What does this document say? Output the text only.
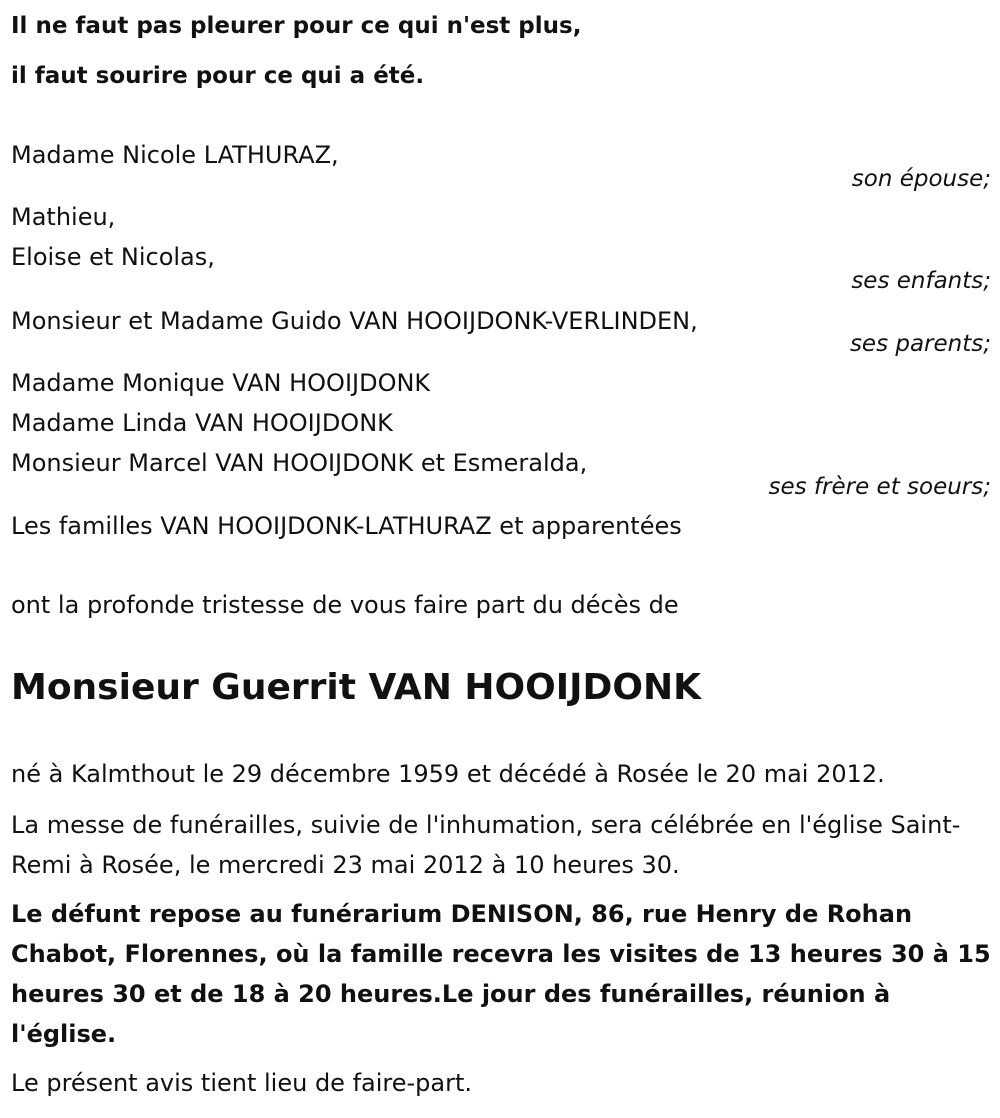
Il ne faut pas pleurer pour ce qui n'est plus,
il faut sourire pour ce qui a été.
Madame Nicole LATHURAZ,
son épouse;
Mathieu,
Eloise et Nicolas,
ses enfants;
Monsieur et Madame Guido VAN HOOIJDONK-VERLINDEN,
ses parents;
Madame Monique VAN HOOIJDONK
Madame Linda VAN HOOIJDONK
Monsieur Marcel VAN HOOIJDONK et Esmeralda,
ses frère et soeurs;
Les familles VAN HOOIJDONK-LATHURAZ et apparentées
ont la profonde tristesse de vous faire part du décès de
Monsieur Guerrit VAN HOOIJDONK
né à Kalmthout le 29 décembre 1959 et décédé à Rosée le 20 mai 2012.
La messe de funérailles, suivie de l'inhumation, sera célébrée en l'église Saint-Remi à Rosée, le mercredi 23 mai 2012 à 10 heures 30.
Le défunt repose au funérarium DENISON, 86, rue Henry de Rohan Chabot, Florennes, où la famille recevra les visites de 13 heures 30 à 15 heures 30 et de 18 à 20 heures.Le jour des funérailles, réunion à l'église.
Le présent avis tient lieu de faire-part.
